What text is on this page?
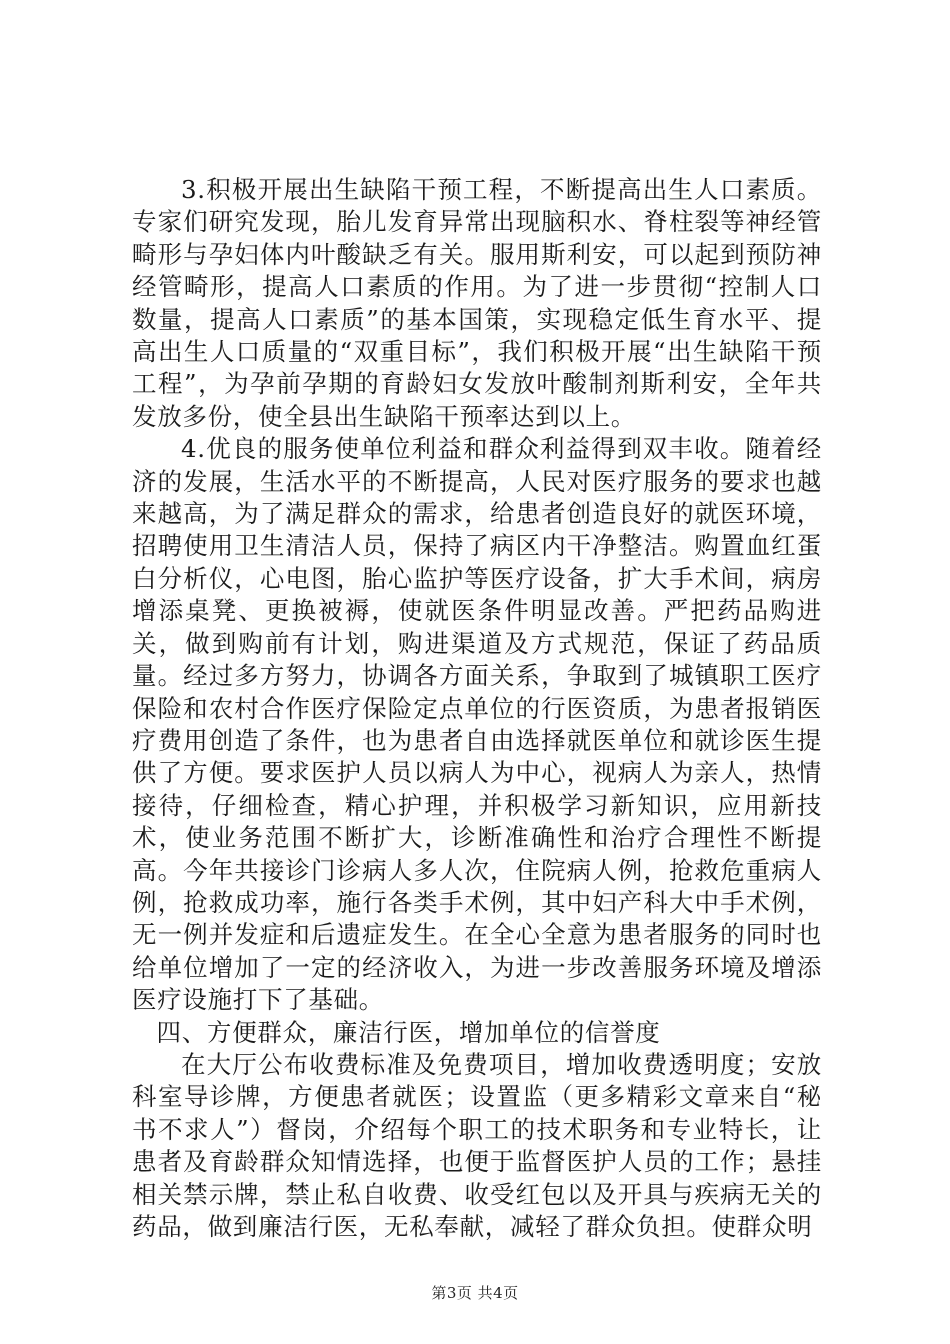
3.积极开展出生缺陷干预工程，不断提高出生人口素质。专家们研究发现，胎儿发育异常出现脑积水、脊柱裂等神经管畸形与孕妇体内叶酸缺乏有关。服用斯利安，可以起到预防神经管畸形，提高人口素质的作用。为了进一步贯彻“控制人口数量，提高人口素质”的基本国策，实现稳定低生育水平、提高出生人口质量的“双重目标”，我们积极开展“出生缺陷干预工程”，为孕前孕期的育龄妇女发放叶酸制剂斯利安，全年共发放多份，使全县出生缺陷干预率达到以上。

4.优良的服务使单位利益和群众利益得到双丰收。随着经济的发展，生活水平的不断提高，人民对医疗服务的要求也越来越高，为了满足群众的需求，给患者创造良好的就医环境，招聘使用卫生清洁人员，保持了病区内干净整洁。购置血红蛋白分析仪，心电图，胎心监护等医疗设备，扩大手术间，病房增添桌凳、更换被褥，使就医条件明显改善。严把药品购进关，做到购前有计划，购进渠道及方式规范，保证了药品质量。经过多方努力，协调各方面关系，争取到了城镇职工医疗保险和农村合作医疗保险定点单位的行医资质，为患者报销医疗费用创造了条件，也为患者自由选择就医单位和就诊医生提供了方便。要求医护人员以病人为中心，视病人为亲人，热情接待，仔细检查，精心护理，并积极学习新知识，应用新技术，使业务范围不断扩大，诊断准确性和治疗合理性不断提高。今年共接诊门诊病人多人次，住院病人例，抢救危重病人例，抢救成功率，施行各类手术例，其中妇产科大中手术例，无一例并发症和后遗症发生。在全心全意为患者服务的同时也给单位增加了一定的经济收入，为进一步改善服务环境及增添医疗设施打下了基础。

四、方便群众，廉洁行医，增加单位的信誉度

在大厅公布收费标准及免费项目，增加收费透明度；安放科室导诊牌，方便患者就医；设置监（更多精彩文章来自“秘书不求人”）督岗，介绍每个职工的技术职务和专业特长，让患者及育龄群众知情选择，也便于监督医护人员的工作；悬挂相关禁示牌，禁止私自收费、收受红包以及开具与疾病无关的药品，做到廉洁行医，无私奉献，减轻了群众负担。使群众明

第3页 共4页
